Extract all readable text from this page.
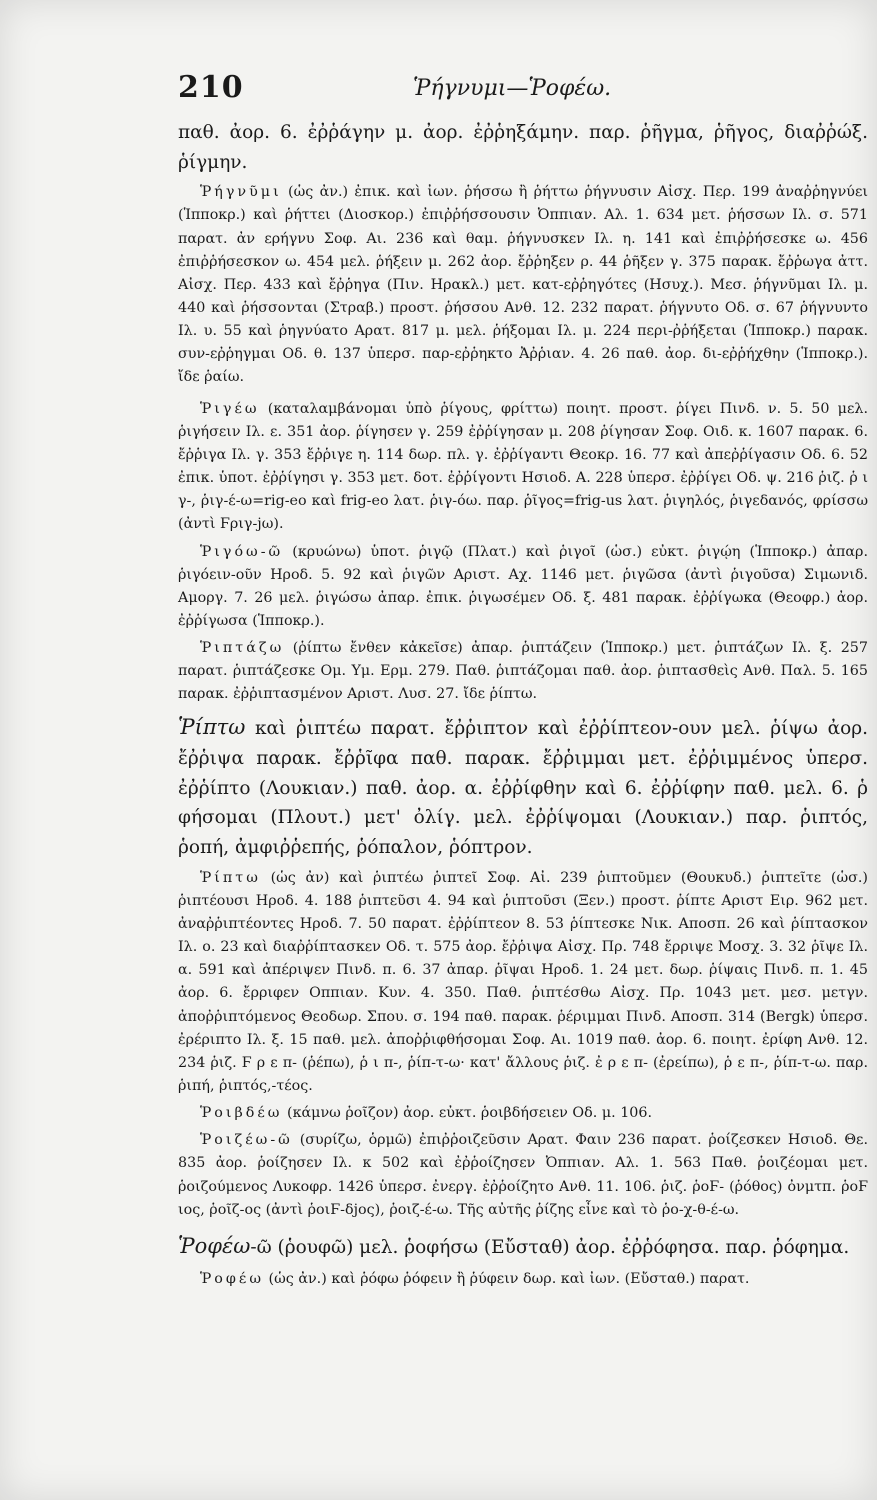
210	Ῥήγνυμι—Ῥοφέω.

παθ. ἀορ. 6. ἐῤῥάγην μ. ἀορ. ἐῤῥηξάμην. παρ. ῥῆγμα, ῥῆγος, διαῤῥώξ. ῥίγμην.

Ῥήγνῦμι (ὡς ἀν.) ἐπικ. καὶ ἰων. ῥήσσω ἢ ῥήττω ῥήγνυσιν Αἰσχ. Περ. 199 ἀναῤῥηγνύει (Ἱπποκρ.) καὶ ῥήττει (Διοσκορ.) ἐπιῤῥήσσουσιν Ὀππιαν. Αλ. 1. 634 μετ. ῥήσσων Ιλ. σ. 571 παρατ. ἀν ερήγνυ Σοφ. Αι. 236 καὶ θαμ. ῥήγνυσκεν Ιλ. η. 141 καὶ ἐπιῤῥήσεσκε ω. 456 ἐπιῤῥήσεσκον ω. 454 μελ. ῥήξειν μ. 262 ἀορ. ἔῤῥηξεν ρ. 44 ῥῆξεν γ. 375 παρακ. ἔῤῥωγα ἀττ. Αἰσχ. Περ. 433 καὶ ἔῤῥηγα (Πιν. Ηρακλ.) μετ. κατ-εῤῥηγότες (Ησυχ.). Μεσ. ῥήγνῦμαι Ιλ. μ. 440 καὶ ῥήσσονται (Στραβ.) προστ. ῥήσσου Ανθ. 12. 232 παρατ. ῥήγνυτο Οδ. σ. 67 ῥήγνυντο Ιλ. υ. 55 καὶ ῥηγνύατο Αρατ. 817 μ. μελ. ῥήξομαι Ιλ. μ. 224 περι-ῤῥήξεται (Ἱπποκρ.) παρακ. συν-εῤῥηγμαι Οδ. θ. 137 ὑπερσ. παρ-εῤῥηκτο Ἀῤῥιαν. 4. 26 παθ. ἀορ. δι-εῤῥήχθην (Ἱπποκρ.). ἴδε ῥαίω.

Ῥιγέω (καταλαμβάνομαι ὑπὸ ῥίγους, φρίττω) ποιητ. προστ. ῥίγει Πινδ. ν. 5. 50 μελ. ῥιγήσειν Ιλ. ε. 351 ἀορ. ῥίγησεν γ. 259 ἐῤῥίγησαν μ. 208 ῥίγησαν Σοφ. Οιδ. κ. 1607 παρακ. 6. ἔῤῥιγα Ιλ. γ. 353 ἔῤῥιγε η. 114 δωρ. πλ. γ. ἐῤῥίγαντι Θεοκρ. 16. 77 καὶ ἀπεῤῥίγασιν Οδ. 6. 52 ἐπικ. ὑποτ. ἐῤῥίγησι γ. 353 μετ. δοτ. ἐῤῥίγοντι Ησιοδ. Α. 228 ὑπερσ. ἐῤῥίγει Οδ. ψ. 216 ῥιζ. ῥ ι γ-, ῥιγ-έ-ω=rig-eo καὶ frig-eo λατ. ῥιγ-όω. παρ. ῥῖγος=frig-us λατ. ῥιγηλός, ῥιγεδανός, φρίσσω (ἀντὶ Ϝριγ-jω).

Ῥιγόω-ῶ (κρυώνω) ὑποτ. ῥιγῷ (Πλατ.) καὶ ῥιγοῖ (ὡσ.) εὐκτ. ῥιγῴη (Ἱπποκρ.) ἀπαρ. ῥιγόειν-οῦν Ηροδ. 5. 92 καὶ ῥιγῶν Αριστ. Αχ. 1146 μετ. ῥιγῶσα (ἀντὶ ῥιγοῦσα) Σιμωνιδ. Αμοργ. 7. 26 μελ. ῥιγώσω ἀπαρ. ἐπικ. ῥιγωσέμεν Οδ. ξ. 481 παρακ. ἐῤῥίγωκα (Θεοφρ.) ἀορ. ἐῤῥίγωσα (Ἱπποκρ.).

Ῥιπτάζω (ῥίπτω ἔνθεν κἀκεῖσε) ἀπαρ. ῥιπτάζειν (Ἱπποκρ.) μετ. ῥιπτάζων Ιλ. ξ. 257 παρατ. ῥιπτάζεσκε Ομ. Υμ. Ερμ. 279. Παθ. ῥιπτάζομαι παθ. ἀορ. ῥιπτασθεὶς Ανθ. Παλ. 5. 165 παρακ. ἐῤῥιπτασμένον Αριστ. Λυσ. 27. ἴδε ῥίπτω.

Ῥίπτω καὶ ῥιπτέω παρατ. ἔῤῥιπτον καὶ ἐῤῥίπτεον-ουν μελ. ῥίψω ἀορ. ἔῤῥιψα παρακ. ἔῤῥῖφα παθ. παρακ. ἔῤῥιμμαι μετ. ἐῤῥιμμένος ὑπερσ. ἐῤῥίπτο (Λουκιαν.) παθ. ἀορ. α. ἐῤῥίφθην καὶ 6. ἐῤῥίφην παθ. μελ. 6. ῥ φήσομαι (Πλουτ.) μετ' ὀλίγ. μελ. ἐῤῥίψομαι (Λουκιαν.) παρ. ῥιπτός, ῥοπή, ἀμφιῤῥεπής, ῥόπαλον, ῥόπτρον.

Ῥίπτω (ὡς ἀν) καὶ ῥιπτέω ῥιπτεῖ Σοφ. Αἰ. 239 ῥιπτοῦμεν (Θουκυδ.) ῥιπτεῖτε (ὡσ.) ῥιπτέουσι Ηροδ. 4. 188 ῥιπτεῦσι 4. 94 καὶ ῥιπτοῦσι (Ξεν.) προστ. ῥίπτε Αριστ Ειρ. 962 μετ. ἀναῤῥιπτέοντες Ηροδ. 7. 50 παρατ. ἐῤῥίπτεον 8. 53 ῥίπτεσκε Νικ. Αποσπ. 26 καὶ ῥίπτασκον Ιλ. ο. 23 καὶ διαῤῥίπτασκεν Οδ. τ. 575 ἀορ. ἔῤῥιψα Αἰσχ. Πρ. 748 ἔρριψε Μοσχ. 3. 32 ῥῖψε Ιλ. α. 591 καὶ ἀπέριψεν Πινδ. π. 6. 37 ἀπαρ. ῥῖψαι Ηροδ. 1. 24 μετ. δωρ. ῥίψαις Πινδ. π. 1. 45 ἀορ. 6. ἔρριφεν Οππιαν. Κυν. 4. 350. Παθ. ῥιπτέσθω Αἰσχ. Πρ. 1043 μετ. μεσ. μετγν. ἀποῤῥιπτόμενος Θεοδωρ. Σπου. σ. 194 παθ. παρακ. ῥέριμμαι Πινδ. Αποσπ. 314 (Bergk) ὑπερσ. ἐρέριπτο Ιλ. ξ. 15 παθ. μελ. ἀποῤῥιφθήσομαι Σοφ. Αι. 1019 παθ. ἀορ. 6. ποιητ. ἐρίφη Ανθ. 12. 234 ῥιζ. Ϝ ρ ε π- (ῥέπω), ῥ ι π-, ῥίπ-τ-ω· κατ' ἄλλους ῥιζ. ἐ ρ ε π- (ἐρείπω), ῥ ε π-, ῥίπ-τ-ω. παρ. ῥιπή, ῥιπτός,-τέος.

Ῥοιβδέω (κάμνω ῥοῖζον) ἀορ. εὐκτ. ῥοιβδήσειεν Οδ. μ. 106.

Ῥοιζέω-ῶ (συρίζω, ὁρμῶ) ἐπιῤῥοιζεῦσιν Αρατ. Φαιν 236 παρατ. ῥοίζεσκεν Ησιοδ. Θε. 835 ἀορ. ῥοίζησεν Ιλ. κ 502 καὶ ἐῤῥοίζησεν Ὀππιαν. Αλ. 1. 563 Παθ. ῥοιζέομαι μετ. ῥοιζούμενος Λυκοφρ. 1426 ὑπερσ. ἐνεργ. ἐῤῥοίζητο Ανθ. 11. 106. ῥιζ. ῥοϜ- (ῥόθος) ὀνμτπ. ῥοϜ ιος, ῥοῖζ-ος (ἀντὶ ῥοιϜ-δjος), ῥοιζ-έ-ω. Τῆς αὐτῆς ῥίζης εἶνε καὶ τὸ ῥο-χ-θ-έ-ω.

Ῥοφέω-ῶ (ῥουφῶ) μελ. ῥοφήσω (Εὔσταθ) ἀορ. ἐῤῥόφησα. παρ. ῥόφημα.

Ῥοφέω (ὡς ἀν.) καὶ ῥόφω ῥόφειν ἢ ῥύφειν δωρ. καὶ ἰων. (Εὔσταθ.) παρατ.
